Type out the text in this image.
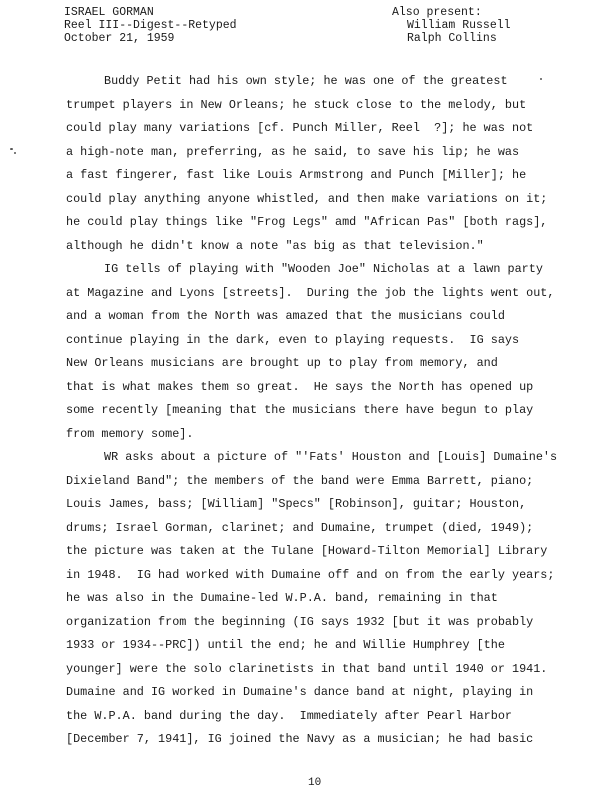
ISRAEL GORMAN
Reel III--Digest--Retyped
October 21, 1959
Also present:
William Russell
Ralph Collins
Buddy Petit had his own style; he was one of the greatest
trumpet players in New Orleans; he stuck close to the melody, but
could play many variations [cf. Punch Miller, Reel  ?]; he was not
a high-note man, preferring, as he said, to save his lip; he was
a fast fingerer, fast like Louis Armstrong and Punch [Miller]; he
could play anything anyone whistled, and then make variations on it;
he could play things like "Frog Legs" amd "African Pas" [both rags],
although he didn't know a note "as big as that television."
IG tells of playing with "Wooden Joe" Nicholas at a lawn party
at Magazine and Lyons [streets].  During the job the lights went out,
and a woman from the North was amazed that the musicians could
continue playing in the dark, even to playing requests.  IG says
New Orleans musicians are brought up to play from memory, and
that is what makes them so great.  He says the North has opened up
some recently [meaning that the musicians there have begun to play
from memory some].
WR asks about a picture of "'Fats' Houston and [Louis] Dumaine's
Dixieland Band"; the members of the band were Emma Barrett, piano;
Louis James, bass; [William] "Specs" [Robinson], guitar; Houston,
drums; Israel Gorman, clarinet; and Dumaine, trumpet (died, 1949);
the picture was taken at the Tulane [Howard-Tilton Memorial] Library
in 1948.  IG had worked with Dumaine off and on from the early years;
he was also in the Dumaine-led W.P.A. band, remaining in that
organization from the beginning (IG says 1932 [but it was probably
1933 or 1934--PRC]) until the end; he and Willie Humphrey [the
younger] were the solo clarinetists in that band until 1940 or 1941.
Dumaine and IG worked in Dumaine's dance band at night, playing in
the W.P.A. band during the day.  Immediately after Pearl Harbor
[December 7, 1941], IG joined the Navy as a musician; he had basic
10
